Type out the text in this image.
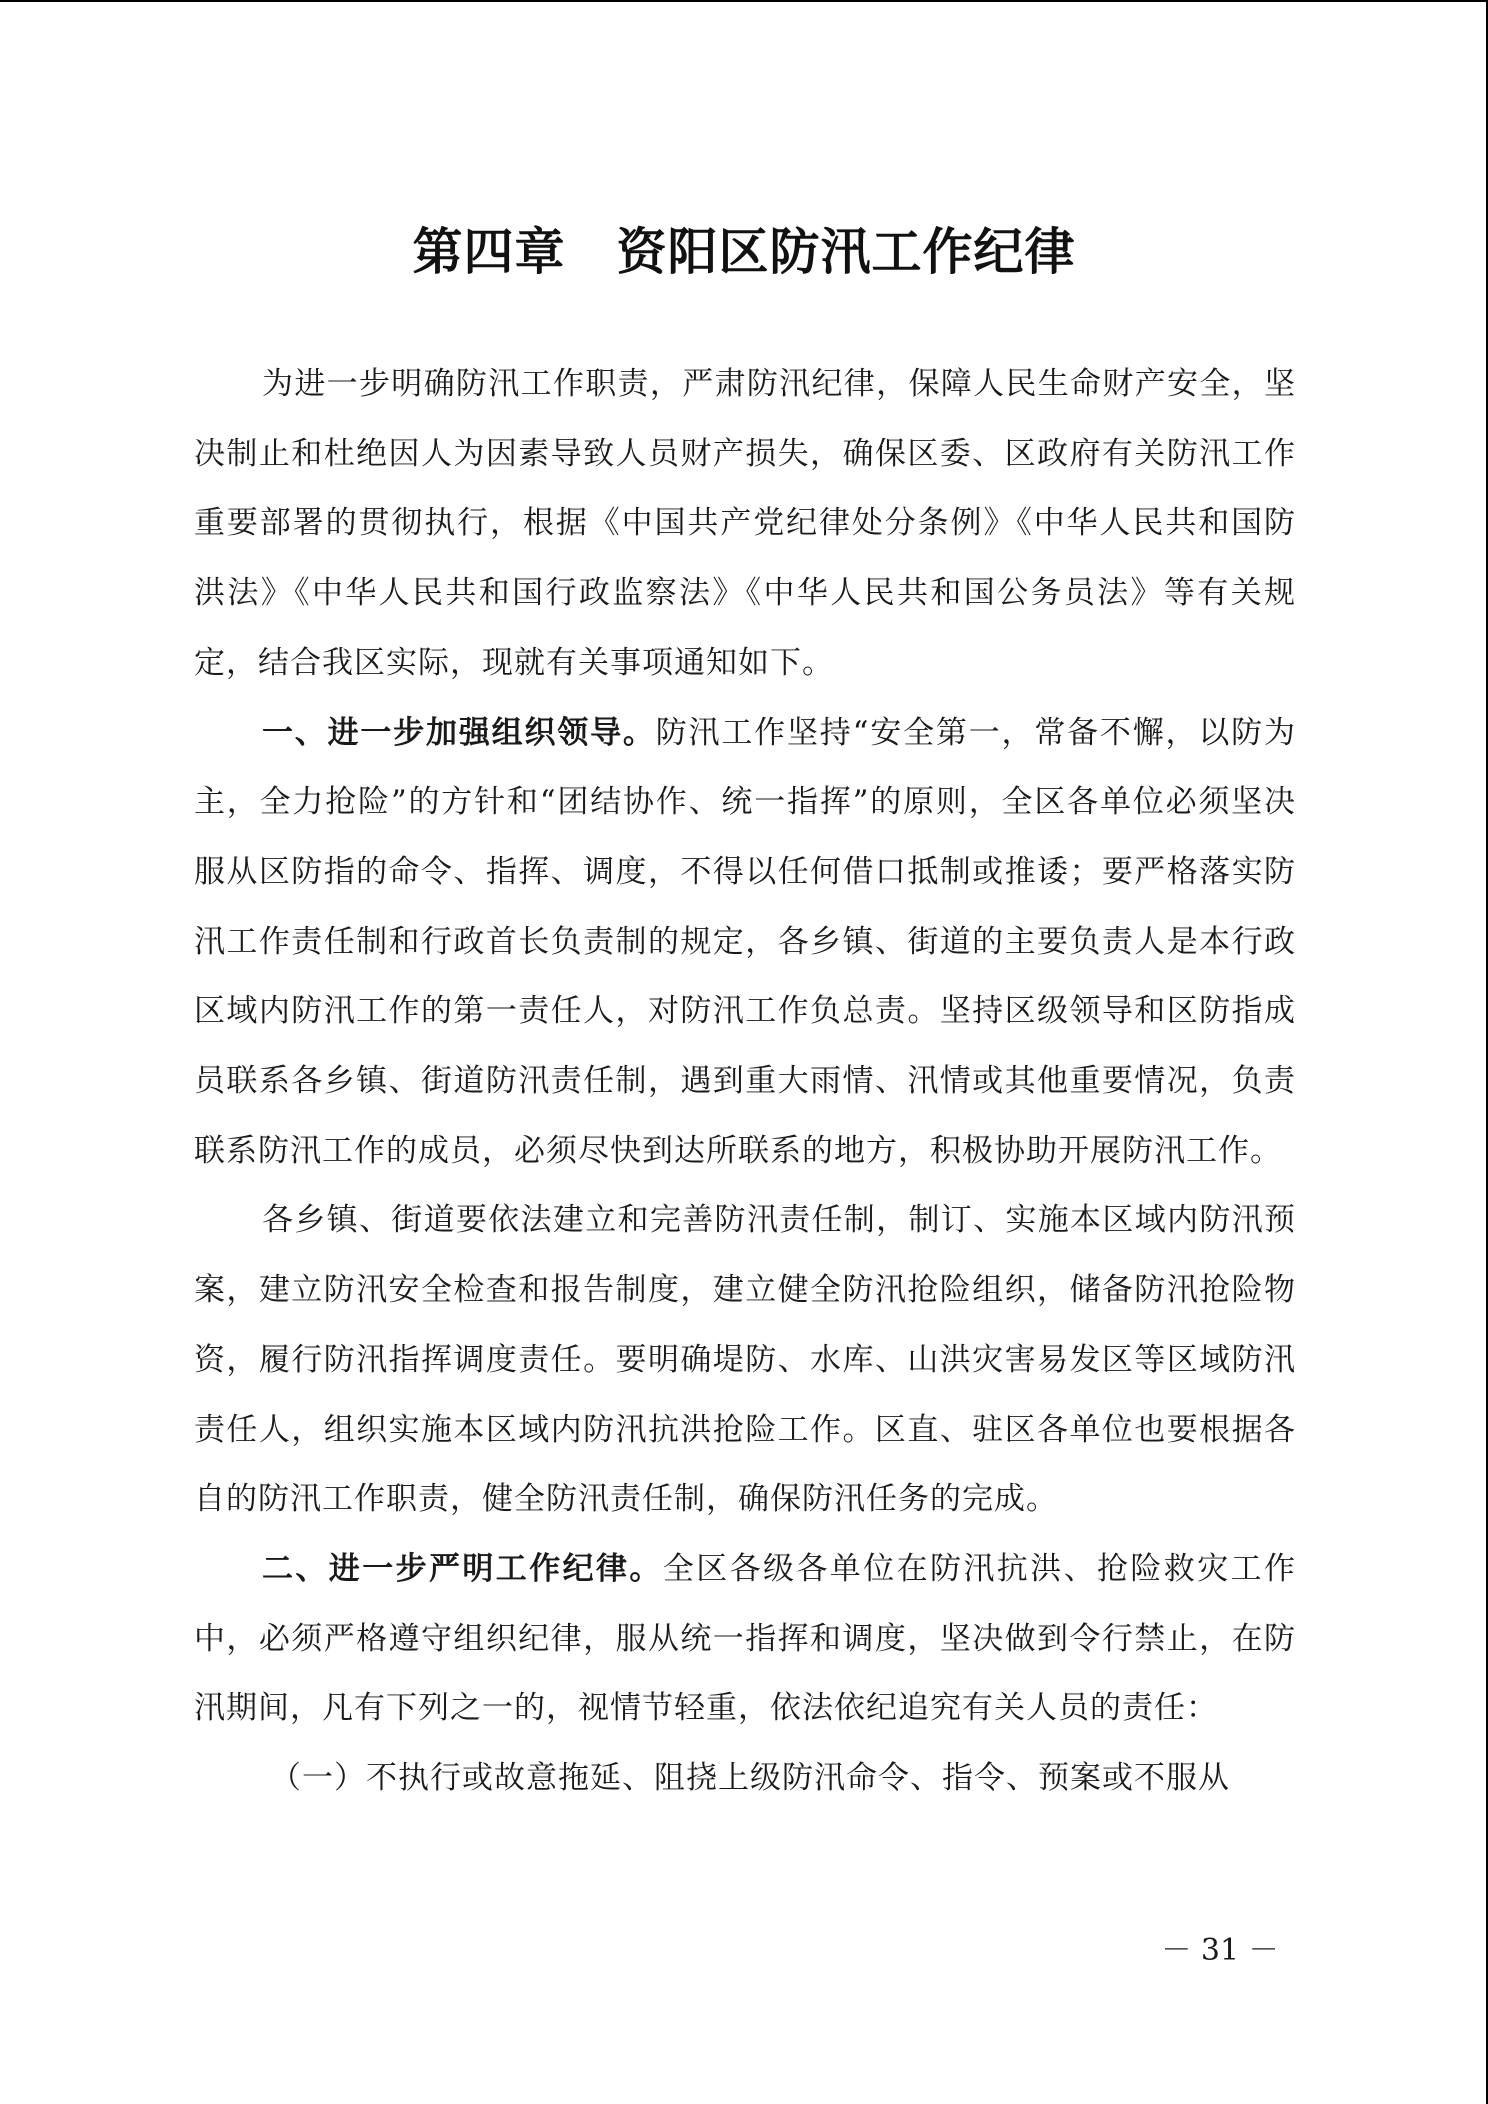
第四章　资阳区防汛工作纪律

为进一步明确防汛工作职责，严肃防汛纪律，保障人民生命财产安全，坚决制止和杜绝因人为因素导致人员财产损失，确保区委、区政府有关防汛工作重要部署的贯彻执行，根据《中国共产党纪律处分条例》《中华人民共和国防洪法》《中华人民共和国行政监察法》《中华人民共和国公务员法》等有关规定，结合我区实际，现就有关事项通知如下。

一、进一步加强组织领导。防汛工作坚持“安全第一，常备不懈，以防为主，全力抢险”的方针和“团结协作、统一指挥”的原则，全区各单位必须坚决服从区防指的命令、指挥、调度，不得以任何借口抵制或推诿；要严格落实防汛工作责任制和行政首长负责制的规定，各乡镇、街道的主要负责人是本行政区域内防汛工作的第一责任人，对防汛工作负总责。坚持区级领导和区防指成员联系各乡镇、街道防汛责任制，遇到重大雨情、汛情或其他重要情况，负责联系防汛工作的成员，必须尽快到达所联系的地方，积极协助开展防汛工作。

各乡镇、街道要依法建立和完善防汛责任制，制订、实施本区域内防汛预案，建立防汛安全检查和报告制度，建立健全防汛抢险组织，储备防汛抢险物资，履行防汛指挥调度责任。要明确堤防、水库、山洪灾害易发区等区域防汛责任人，组织实施本区域内防汛抗洪抢险工作。区直、驻区各单位也要根据各自的防汛工作职责，健全防汛责任制，确保防汛任务的完成。

二、进一步严明工作纪律。全区各级各单位在防汛抗洪、抢险救灾工作中，必须严格遵守组织纪律，服从统一指挥和调度，坚决做到令行禁止，在防汛期间，凡有下列之一的，视情节轻重，依法依纪追究有关人员的责任：

（一）不执行或故意拖延、阻挠上级防汛命令、指令、预案或不服从

－ 31 －
